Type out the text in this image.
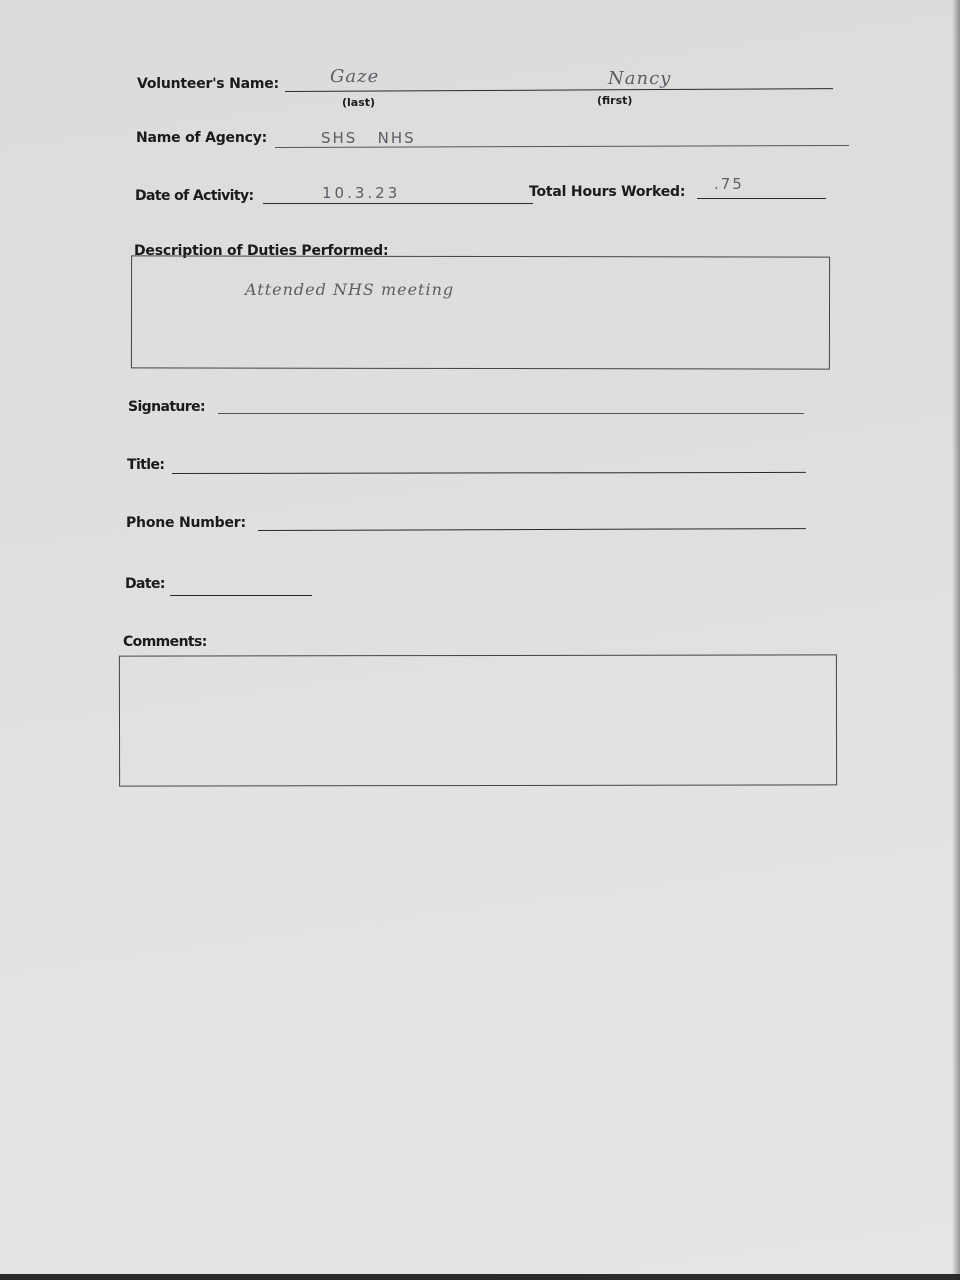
Volunteer's Name:	Gaze
(last)
Nancy
(first)
Name of Agency:	SHS   NHS
Date of Activity:	10.3.23	Total Hours Worked: .75
Description of Duties Performed:
Attended NHS meeting
Signature:
Title:
Phone Number:
Date:
Comments:
